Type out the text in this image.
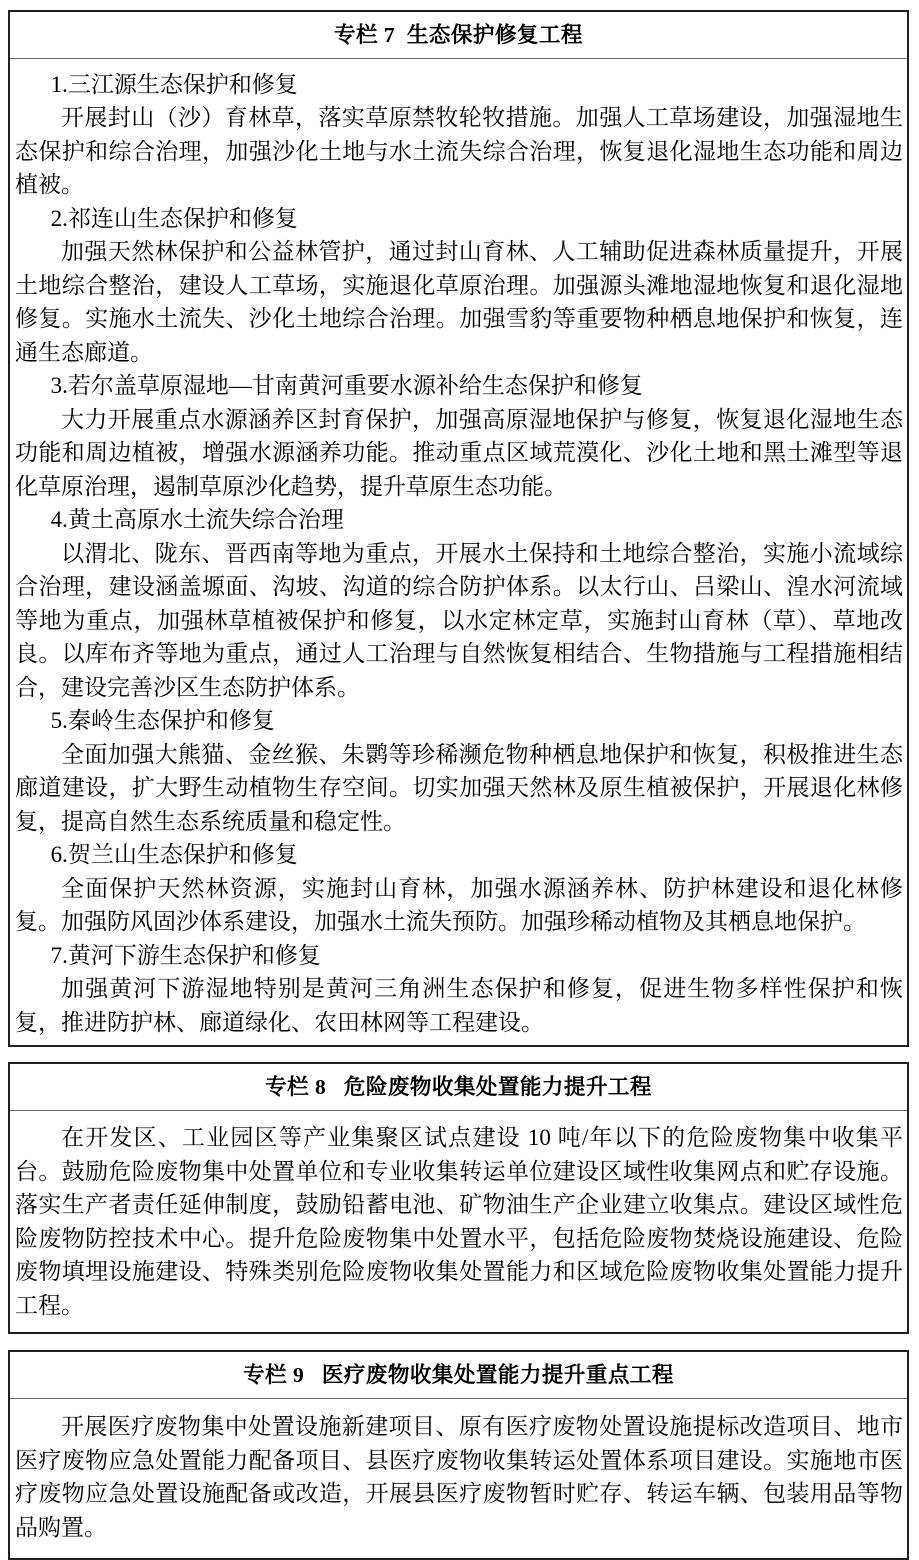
专栏 7  生态保护修复工程

1.三江源生态保护和修复

开展封山（沙）育林草，落实草原禁牧轮牧措施。加强人工草场建设，加强湿地生态保护和综合治理，加强沙化土地与水土流失综合治理，恢复退化湿地生态功能和周边植被。

2.祁连山生态保护和修复

加强天然林保护和公益林管护，通过封山育林、人工辅助促进森林质量提升，开展土地综合整治，建设人工草场，实施退化草原治理。加强源头滩地湿地恢复和退化湿地修复。实施水土流失、沙化土地综合治理。加强雪豹等重要物种栖息地保护和恢复，连通生态廊道。

3.若尔盖草原湿地—甘南黄河重要水源补给生态保护和修复

大力开展重点水源涵养区封育保护，加强高原湿地保护与修复，恢复退化湿地生态功能和周边植被，增强水源涵养功能。推动重点区域荒漠化、沙化土地和黑土滩型等退化草原治理，遏制草原沙化趋势，提升草原生态功能。

4.黄土高原水土流失综合治理

以渭北、陇东、晋西南等地为重点，开展水土保持和土地综合整治，实施小流域综合治理，建设涵盖塬面、沟坡、沟道的综合防护体系。以太行山、吕梁山、湟水河流域等地为重点，加强林草植被保护和修复，以水定林定草，实施封山育林（草）、草地改良。以库布齐等地为重点，通过人工治理与自然恢复相结合、生物措施与工程措施相结合，建设完善沙区生态防护体系。

5.秦岭生态保护和修复

全面加强大熊猫、金丝猴、朱鹮等珍稀濒危物种栖息地保护和恢复，积极推进生态廊道建设，扩大野生动植物生存空间。切实加强天然林及原生植被保护，开展退化林修复，提高自然生态系统质量和稳定性。

6.贺兰山生态保护和修复

全面保护天然林资源，实施封山育林，加强水源涵养林、防护林建设和退化林修复。加强防风固沙体系建设，加强水土流失预防。加强珍稀动植物及其栖息地保护。

7.黄河下游生态保护和修复

加强黄河下游湿地特别是黄河三角洲生态保护和修复，促进生物多样性保护和恢复，推进防护林、廊道绿化、农田林网等工程建设。

专栏 8   危险废物收集处置能力提升工程

在开发区、工业园区等产业集聚区试点建设 10 吨/年以下的危险废物集中收集平台。鼓励危险废物集中处置单位和专业收集转运单位建设区域性收集网点和贮存设施。落实生产者责任延伸制度，鼓励铅蓄电池、矿物油生产企业建立收集点。建设区域性危险废物防控技术中心。提升危险废物集中处置水平，包括危险废物焚烧设施建设、危险废物填埋设施建设、特殊类别危险废物收集处置能力和区域危险废物收集处置能力提升工程。

专栏 9   医疗废物收集处置能力提升重点工程

开展医疗废物集中处置设施新建项目、原有医疗废物处置设施提标改造项目、地市医疗废物应急处置能力配备项目、县医疗废物收集转运处置体系项目建设。实施地市医疗废物应急处置设施配备或改造，开展县医疗废物暂时贮存、转运车辆、包装用品等物品购置。
